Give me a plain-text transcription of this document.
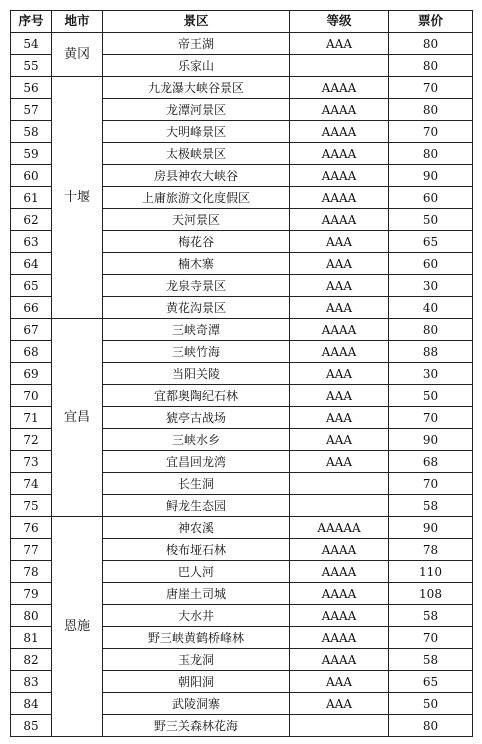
序号	地市	景区	等级	票价
54	黄冈	帝王湖	AAA	80
55		乐家山		80
56	十堰	九龙瀑大峡谷景区	AAAA	70
57		龙潭河景区	AAAA	80
58		大明峰景区	AAAA	70
59		太极峡景区	AAAA	80
60		房县神农大峡谷	AAAA	90
61		上庸旅游文化度假区	AAAA	60
62		天河景区	AAAA	50
63		梅花谷	AAA	65
64		楠木寨	AAA	60
65		龙泉寺景区	AAA	30
66		黄花沟景区	AAA	40
67	宜昌	三峡奇潭	AAAA	80
68		三峡竹海	AAAA	88
69		当阳关陵	AAA	30
70		宜都奥陶纪石林	AAA	50
71		猇亭古战场	AAA	70
72		三峡水乡	AAA	90
73		宜昌回龙湾	AAA	68
74		长生洞		70
75		鲟龙生态园		58
76	恩施	神农溪	AAAAA	90
77		梭布垭石林	AAAA	78
78		巴人河	AAAA	110
79		唐崖土司城	AAAA	108
80		大水井	AAAA	58
81		野三峡黄鹤桥峰林	AAAA	70
82		玉龙洞	AAAA	58
83		朝阳洞	AAA	65
84		武陵洞寨	AAA	50
85		野三关森林花海		80
